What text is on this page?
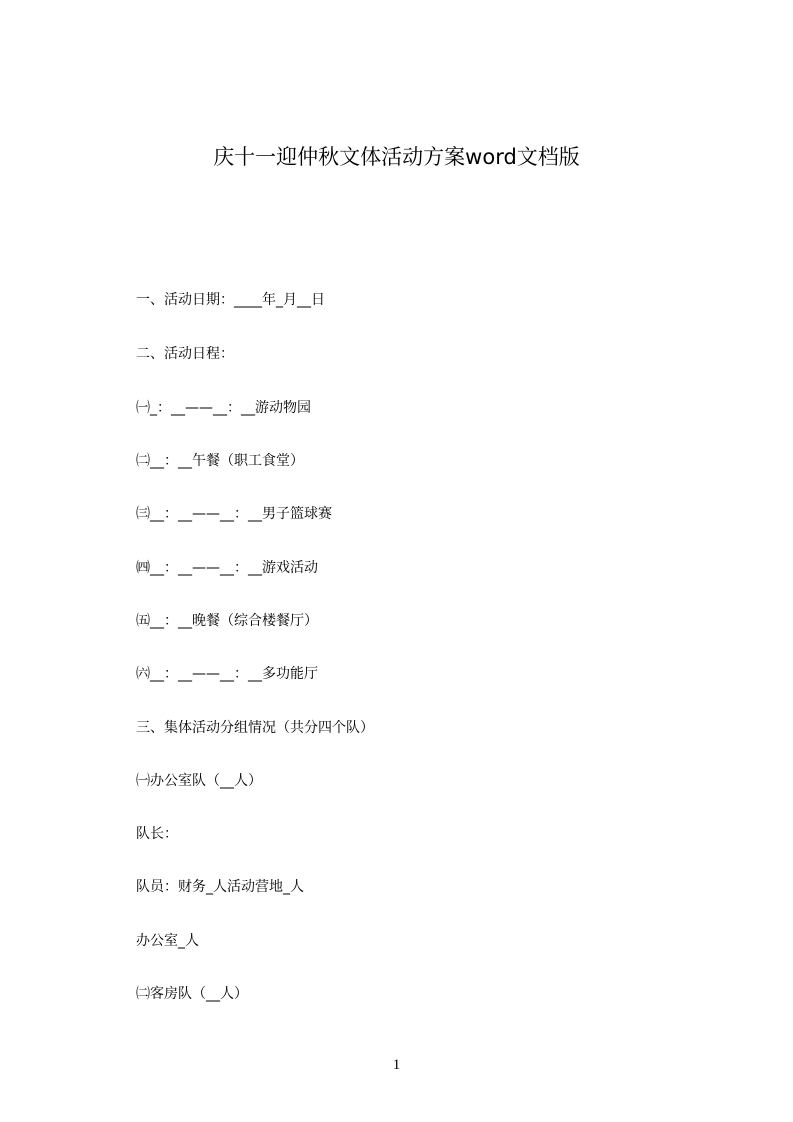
庆十一迎仲秋文体活动方案word文档版
一、活动日期：____年_月__日
二、活动日程：
㈠_：__——__：__游动物园
㈡__：__午餐（职工食堂）
㈢__：__——__：__男子篮球赛
㈣__：__——__：__游戏活动
㈤__：__晚餐（综合楼餐厅）
㈥__：__——__：__多功能厅
三、集体活动分组情况（共分四个队）
㈠办公室队（__人）
队长：
队员：财务_人活动营地_人
办公室_人
㈡客房队（__人）
1
